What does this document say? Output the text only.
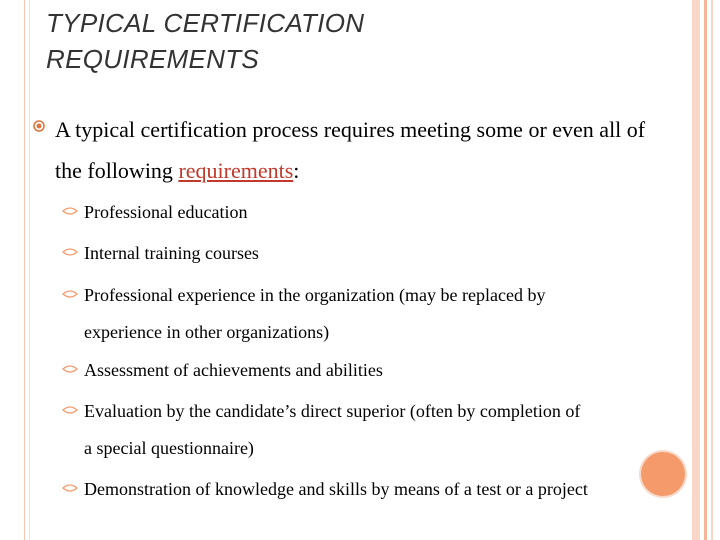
TYPICAL CERTIFICATION
REQUIREMENTS
A typical certification process requires meeting some or even all of the following requirements:
Professional education
Internal training courses
Professional experience in the organization (may be replaced by
experience in other organizations)
Assessment of achievements and abilities
Evaluation by the candidate’s direct superior (often by completion of
a special questionnaire)
Demonstration of knowledge and skills by means of a test or a project
